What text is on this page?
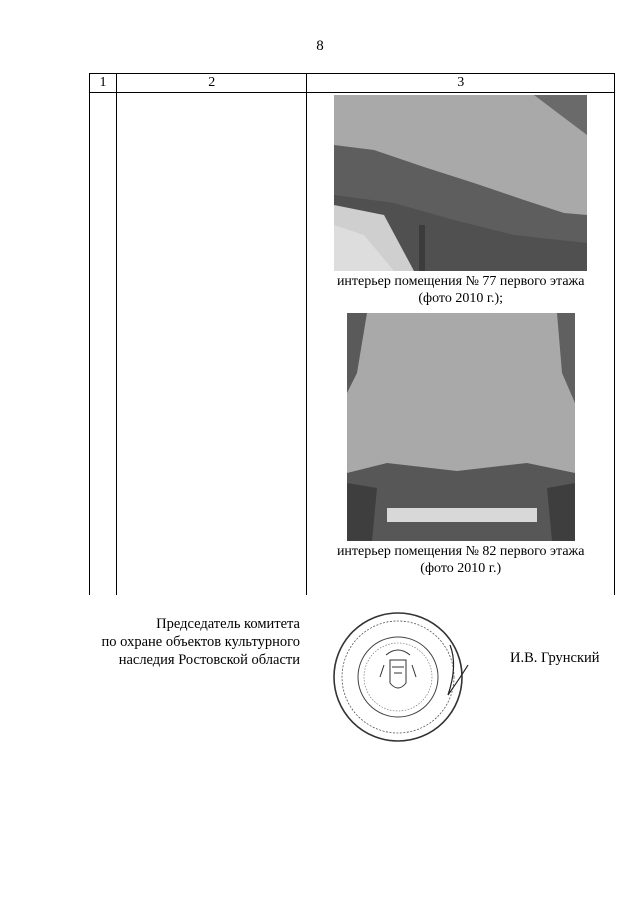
8
1	2	3

		интерьер помещения № 77 первого этажа
(фото 2010 г.);

интерьер помещения № 82 первого этажа
(фото 2010 г.)

Председатель комитета
по охране объектов культурного
наследия Ростовской области	И.В. Грунский
